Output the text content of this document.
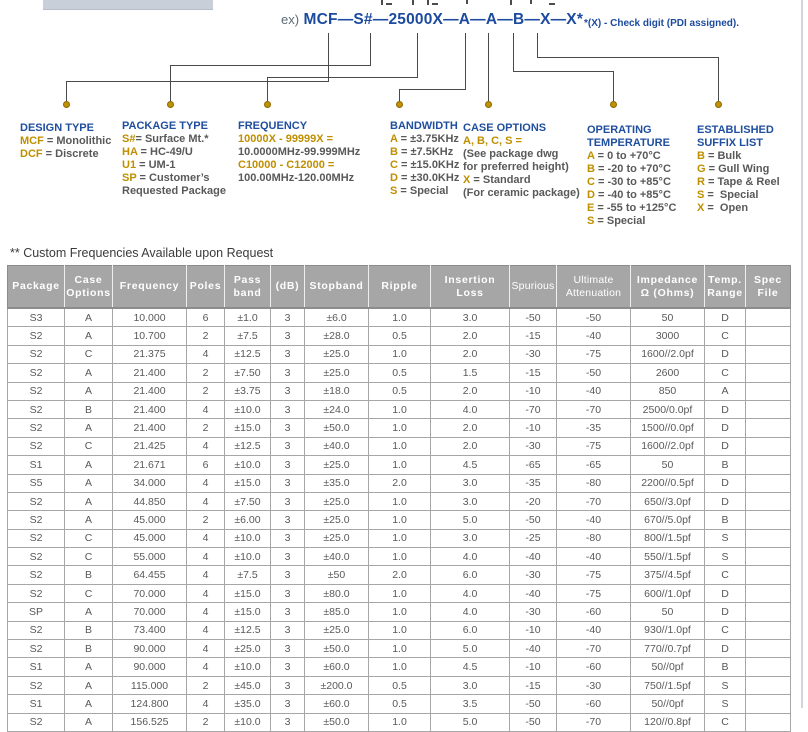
ex) MCF—S#—25000X—A—A—B—X—X* *(X) - Check digit (PDI assigned).
DESIGN TYPE
MCF = Monolithic
DCF = Discrete
PACKAGE TYPE
S#= Surface Mt.*
HA = HC-49/U
U1 = UM-1
SP = Customer’s
Requested Package
FREQUENCY
10000X - 99999X =
10.0000MHz-99.999MHz
C10000 - C12000 =
100.00MHz-120.00MHz
BANDWIDTH
A = ±3.75KHz
B = ±7.5KHz
C = ±15.0KHz
D = ±30.0KHz
S = Special
CASE OPTIONS
A, B, C, S =
(See package dwg
for preferred height)
X = Standard
(For ceramic package)
OPERATING
TEMPERATURE
A = 0 to +70°C
B = -20 to +70°C
C = -30 to +85°C
D = -40 to +85°C
E = -55 to +125°C
S = Special
ESTABLISHED
SUFFIX LIST
B = Bulk
G = Gull Wing
R = Tape & Reel
S =  Special
X =  Open
** Custom Frequencies Available upon Request
Package	Case Options	Frequency	Poles	Pass band	(dB)	Stopband	Ripple	Insertion Loss	Spurious	Ultimate Attenuation	Impedance Ω (Ohms)	Temp. Range	Spec File
S3	A	10.000	6	±1.0	3	±6.0	1.0	3.0	-50	-50	50	D	
S2	A	10.700	2	±7.5	3	±28.0	0.5	2.0	-15	-40	3000	C	
S2	C	21.375	4	±12.5	3	±25.0	1.0	2.0	-30	-75	1600//2.0pf	D	
S2	A	21.400	2	±7.50	3	±25.0	0.5	1.5	-15	-50	2600	C	
S2	A	21.400	2	±3.75	3	±18.0	0.5	2.0	-10	-40	850	A	
S2	B	21.400	4	±10.0	3	±24.0	1.0	4.0	-70	-70	2500/0.0pf	D	
S2	A	21.400	2	±15.0	3	±50.0	1.0	2.0	-10	-35	1500//0.0pf	D	
S2	C	21.425	4	±12.5	3	±40.0	1.0	2.0	-30	-75	1600//2.0pf	D	
S1	A	21.671	6	±10.0	3	±25.0	1.0	4.5	-65	-65	50	B	
S5	A	34.000	4	±15.0	3	±35.0	2.0	3.0	-35	-80	2200//0.5pf	D	
S2	A	44.850	4	±7.50	3	±25.0	1.0	3.0	-20	-70	650//3.0pf	D	
S2	A	45.000	2	±6.00	3	±25.0	1.0	5.0	-50	-40	670//5.0pf	B	
S2	C	45.000	4	±10.0	3	±25.0	1.0	3.0	-25	-80	800//1.5pf	S	
S2	C	55.000	4	±10.0	3	±40.0	1.0	4.0	-40	-40	550//1.5pf	S	
S2	B	64.455	4	±7.5	3	±50	2.0	6.0	-30	-75	375//4.5pf	C	
S2	C	70.000	4	±15.0	3	±80.0	1.0	4.0	-40	-75	600//1.0pf	D	
SP	A	70.000	4	±15.0	3	±85.0	1.0	4.0	-30	-60	50	D	
S2	B	73.400	4	±12.5	3	±25.0	1.0	6.0	-10	-40	930//1.0pf	C	
S2	B	90.000	4	±25.0	3	±50.0	1.0	5.0	-40	-70	770//0.7pf	D	
S1	A	90.000	4	±10.0	3	±60.0	1.0	4.5	-10	-60	50//0pf	B	
S2	A	115.000	2	±45.0	3	±200.0	0.5	3.0	-15	-30	750//1.5pf	S	
S1	A	124.800	4	±35.0	3	±60.0	0.5	3.5	-50	-60	50//0pf	S	
S2	A	156.525	2	±10.0	3	±50.0	1.0	5.0	-50	-70	120//0.8pf	C	
